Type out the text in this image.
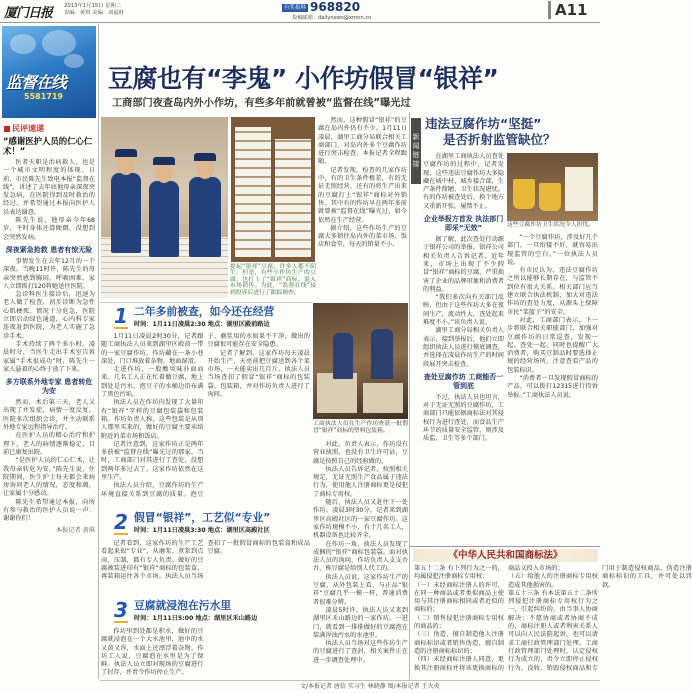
厦门日报 2013年1月15日 星期二
责编：黄琪 美编：刘福财
有奖报料 968820
投稿邮箱：dailynews@xmnn.cn	A11
监督在线
5581719
民评速递

“感谢医护人员的仁心仁术！”

医者天职是治病救人，也是一个城市文明程度的体现。日前，市民陈先生致电本报“监督在线”，讲述了去年底他母亲深夜突发急病，在医院得到及时救治的经过，并希望通过本报向医护人员表达谢意。

陈先生说，他母亲今年68岁，平时身体还算硬朗，没想到会突然发病。

深夜紧急抢救 患者有惊无险

事情发生在去年12月的一个深夜。当晚11时许，陈先生的母亲突然感到胸闷、呼吸困难，家人立即拨打120将她送往医院。

急诊科医生接诊后，迅速为老人做了检查，初步诊断为急性心肌梗死。情况十分危急，医院立即启动绿色通道，心内科专家连夜赶到医院，为老人实施了急诊手术。

手术持续了两个多小时。凌晨时分，当医生走出手术室告诉家属“手术很成功”时，陈先生一家人悬着的心终于放了下来。

多方联系外地专家 患者转危为安

然而，术后第三天，老人又出现了并发症，病情一度反复。医院多次组织会诊，并主动联系外地专家远程指导治疗。

在医护人员的精心治疗和护理下，老人的病情逐渐稳定，目前已康复出院。

“是医护人员的仁心仁术，让我母亲转危为安。”陈先生说，住院期间，医生护士每天都会来病房询问老人的情况，态度和蔼，让家属十分感动。

陈先生希望通过本报，向所有参与救治的医护人员说一声：谢谢你们！

本报记者 黄琪

豆腐也有“李鬼” 小作坊假冒“银祥”
工商部门夜查岛内外小作坊，有些多年前就曾被“监督在线”曝光过
提起“银祥”豆腐，许多人都不陌生。但是，有些小作坊生产的豆腐，也打上了“银祥”商标，混入市场销售。为此，“监督在线”接到投诉后进行了跟踪调查。

然而，这种假冒“银祥”的豆腐在岛内外仍有不少。1月11日凌晨，湖里工商分局联合相关工商部门，对岛内外多个豆腐作坊进行突击检查，本报记者全程跟随。

记者发现，检查的几家作坊中，有的卫生条件极差，有的无证无照经营，还有的将生产出来的豆腐打上“银祥”商标对外销售。其中有的作坊早在两年多前就曾被“监督在线”曝光过，如今依然在生产经营。

据介绍，这些作坊生产的豆腐大多销往岛内外的菜市场、饭店和食堂，每天的销量不小。

1 二年多前被查，如今还在经营
时间：1月11日凌晨2:30 地点：湖里区殿前路边

1月11日凌晨2时30分，记者跟随工商执法人员来到湖里区殿前一带的一家豆腐作坊。作坊藏在一条小巷深处，门口堆放着杂物，地面湿滑。

走进作坊，一股酸臭味扑面而来。几名工人正在忙着做豆腐，地上到处是污水，泡豆子的水桶边沿布满了黑色污垢。

执法人员在作坊内发现了大量印有“银祥”字样的豆腐包装袋和包装箱。作坊负责人称，这些包装是从别人那里买来的，做好的豆腐主要卖给附近的菜市场和饭店。

记者注意到，这家作坊正是两年多前被“监督在线”曝光过的那家。当时，工商部门对其进行了查处，没想到两年多过去了，这家作坊依然在这里生产。

执法人员介绍，豆腐作坊的生产环境直接关系到豆腐的质量。泡豆子、磨浆用的水如果不干净，做出的豆腐很可能存在安全隐患。

记者了解到，这家作坊每天凌晨开始生产，天亮前把豆腐送到各个菜市场，一天能卖出几百斤。执法人员当场查扣了假冒“银祥”商标的包装袋、包装箱，并对作坊负责人进行了询问。

工商执法人员在生产作坊查获一批假冒“银祥”商标的塑料包装箱。

对此，负责人表示，作坊没有营业执照，也没有卫生许可证，豆腐是按照自己的经验做的。

执法人员告诉记者，按照相关规定，无证无照生产食品属于违法行为，使用他人注册商标更是侵犯了商标专用权。

随后，执法人员又赶往下一处作坊。凌晨3时30分，记者来到湖里区高殿社区的一家豆腐作坊。这家作坊规模不小，有十几名工人，机器设备也比较齐全。

在作坊一角，执法人员发现了成捆的“银祥”商标包装袋。面对执法人员的询问，作坊负责人支支吾吾，称豆腐是给别人代工的。

执法人员说，这家作坊生产的豆腐，从外包装上看，与正品“银祥”豆腐几乎一模一样，普通消费者很难分辨。

凌晨5时许，执法人员又来到湖里区禾山路边的一家作坊。一进门，就看到一排排做好的豆腐泡在装满浑浊污水的水池里。

执法人员当场对这些作坊生产的豆腐进行了查封，相关案件正在进一步调查处理中。

2 假冒“银祥”，工艺似“专业”
时间：1月11日凌晨3:30 地点：湖里区高殿社区

记者看到，这家作坊的生产工艺看起来很“专业”，从磨浆、煮浆到点卤、压制，都有专人负责。做好的豆腐被装进印有“银祥”商标的包装盒，再装箱运往各个市场。执法人员当场查扣了一批假冒商标的包装盒和成品豆腐。

3 豆腐就浸泡在污水里
时间：1月11日5:00 地点：湖里区禾山路边

作坊里到处都是积水，做好的豆腐就浸泡在一个大水池里，池中的水又黄又浑，水面上还漂浮着杂物。作坊工人说，豆腐泡在水里是为了保鲜。执法人员立即对现场的豆腐进行了封存，并责令作坊停止生产。

新闻链接
违法豆腐作坊“坚挺”
是否折射监管缺位？

在湖里工商执法人员查处豆腐作坊的过程中，记者发现，这些违法豆腐作坊大多隐藏在城中村、城乡接合部，生产条件简陋，卫生状况堪忧。有的作坊被查处后，换个地方又重新开张，屡禁不止。

企业举报方首发 执法部门即采“无效”

据了解，此次查处行动源于银祥公司的举报。银祥公司相关负责人告诉记者，近年来，市场上出现了不少假冒“银祥”商标的豆腐，严重损害了企业的品牌形象和消费者的利益。

“我们多次向有关部门反映，但由于这些作坊大多在夜间生产，流动性大，查处起来难度不小。”该负责人说。

湖里工商分局相关负责人表示，接到举报后，他们立即组织执法人员进行摸底调查，并选择在凌晨作坊生产的时间段展开突击检查。

查处豆腐作坊 工商能否一管到底

不过，执法人员也坦言，对于无证无照的豆腐作坊，工商部门只能依据商标法对其侵权行为进行查处，而食品生产环节的质量安全监管，则涉及质监、卫生等多个部门。

这些豆腐作坊卫生状况令人担忧。

“一个豆腐作坊，涉及好几个部门，一旦衔接不好，就容易出现监管的空白。”一位执法人员说。

有市民认为，违法豆腐作坊之所以能够长期存在，与监管不到位有很大关系。相关部门应当建立联合执法机制，加大对违法作坊的查处力度，从源头上保障市民“菜篮子”的安全。

对此，工商部门表示，下一步将联合相关职能部门，加强对豆腐作坊的日常巡查，发现一起、查处一起，同时也提醒广大消费者，购买豆制品时要选择正规的经营场所，注意查看产品的包装标识。

“消费者一旦发现假冒商标的产品，可以拨打12315进行投诉举报。”工商执法人员说。

《中华人民共和国商标法》

第五十二条 有下列行为之一的，均属侵犯注册商标专用权：

（一）未经商标注册人的许可，在同一种商品或者类似商品上使用与其注册商标相同或者近似的商标的；

（二）销售侵犯注册商标专用权的商品的；

（三）伪造、擅自制造他人注册商标标识或者销售伪造、擅自制造的注册商标标识的；

（四）未经商标注册人同意，更换其注册商标并将该更换商标的商品又投入市场的；

（五）给他人的注册商标专用权造成其他损害的。

第五十三条 有本法第五十二条所列侵犯注册商标专用权行为之一，引起纠纷的，由当事人协商解决；不愿协商或者协商不成的，商标注册人或者利害关系人可以向人民法院起诉，也可以请求工商行政管理部门处理。工商行政管理部门处理时，认定侵权行为成立的，责令立即停止侵权行为，没收、销毁侵权商品和专门用于制造侵权商品、伪造注册商标标识的工具，并可处以罚款。

文/本报记者 唐信 实习生 林晓静 图/本报记者 王火炎
